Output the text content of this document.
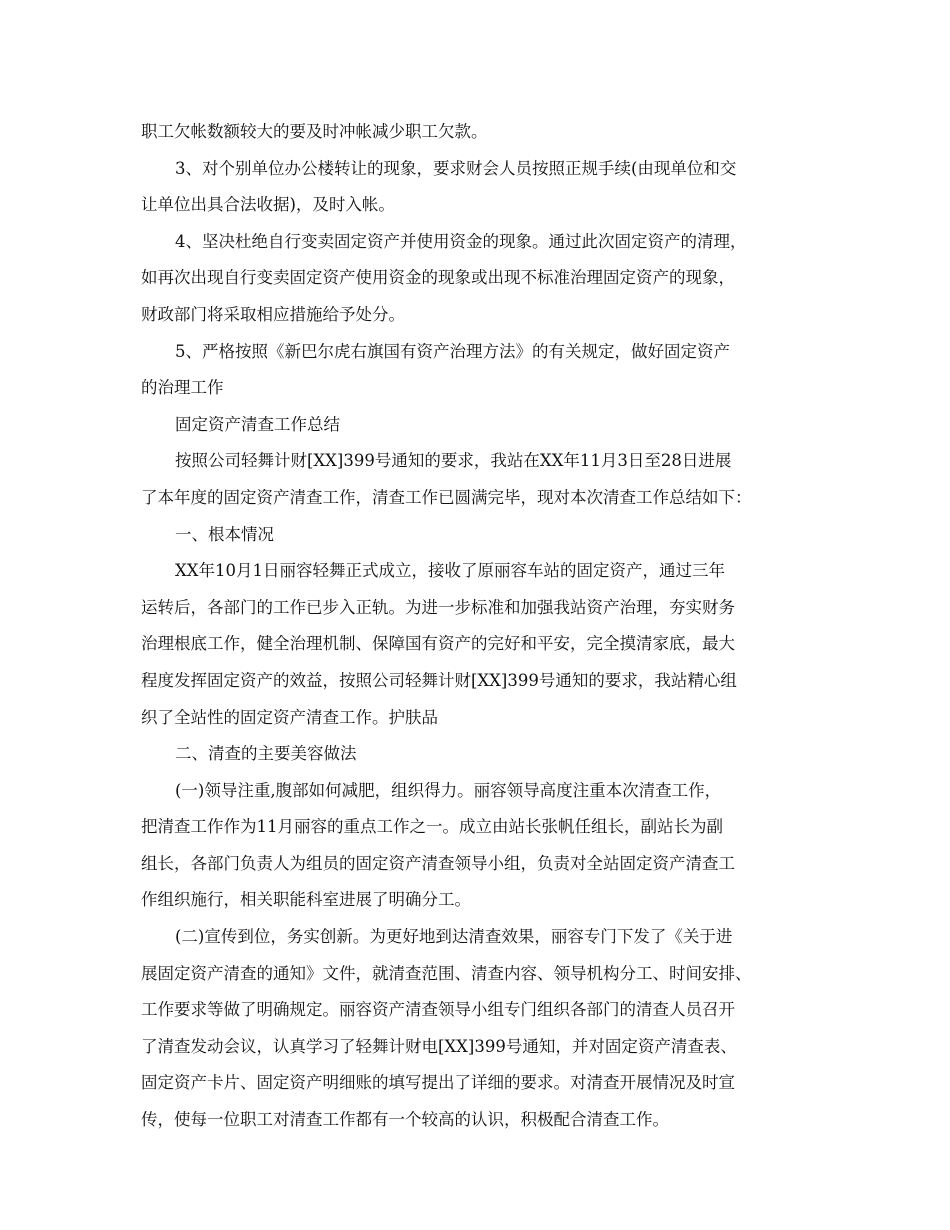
职工欠帐数额较大的要及时冲帐减少职工欠款。
3、对个别单位办公楼转让的现象，要求财会人员按照正规手续(由现单位和交
让单位出具合法收据)，及时入帐。
4、坚决杜绝自行变卖固定资产并使用资金的现象。通过此次固定资产的清理，
如再次出现自行变卖固定资产使用资金的现象或出现不标准治理固定资产的现象，
财政部门将采取相应措施给予处分。
5、严格按照《新巴尔虎右旗国有资产治理方法》的有关规定，做好固定资产
的治理工作
固定资产清查工作总结
按照公司轻舞计财[XX]399号通知的要求，我站在XX年11月3日至28日进展
了本年度的固定资产清查工作，清查工作已圆满完毕，现对本次清查工作总结如下：
一、根本情况
XX年10月1日丽容轻舞正式成立，接收了原丽容车站的固定资产，通过三年
运转后，各部门的工作已步入正轨。为进一步标准和加强我站资产治理，夯实财务
治理根底工作，健全治理机制、保障国有资产的完好和平安，完全摸清家底，最大
程度发挥固定资产的效益，按照公司轻舞计财[XX]399号通知的要求，我站精心组
织了全站性的固定资产清查工作。护肤品
二、清查的主要美容做法
(一)领导注重,腹部如何减肥，组织得力。丽容领导高度注重本次清查工作，
把清查工作作为11月丽容的重点工作之一。成立由站长张帆任组长，副站长为副
组长，各部门负责人为组员的固定资产清查领导小组，负责对全站固定资产清查工
作组织施行，相关职能科室进展了明确分工。
(二)宣传到位，务实创新。为更好地到达清查效果，丽容专门下发了《关于进
展固定资产清查的通知》文件，就清查范围、清查内容、领导机构分工、时间安排、
工作要求等做了明确规定。丽容资产清查领导小组专门组织各部门的清查人员召开
了清查发动会议，认真学习了轻舞计财电[XX]399号通知，并对固定资产清查表、
固定资产卡片、固定资产明细账的填写提出了详细的要求。对清查开展情况及时宣
传，使每一位职工对清查工作都有一个较高的认识，积极配合清查工作。
